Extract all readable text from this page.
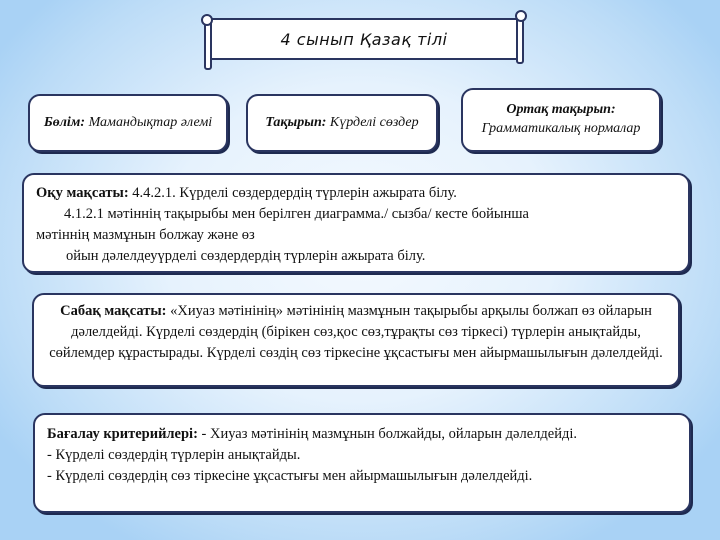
4 сынып Қазақ тілі
Бөлім: Мамандықтар әлемі	Тақырып: Күрделі сөздер
Ортақ тақырып:
Грамматикалық нормалар
Оқу мақсаты: 4.4.2.1. Күрделі сөздердердің түрлерін ажырата білу.
4.1.2.1 мәтіннің тақырыбы мен берілген диаграмма./ сызба/ кесте бойынша
мәтіннің мазмұнын болжау және өз
ойын дәлелдеуүрделі сөздердердің түрлерін ажырата білу.
Сабақ мақсаты: «Хиуаз мәтінінің» мәтінінің мазмұнын тақырыбы арқылы болжап өз ойларын дәлелдейді. Күрделі сөздердің (бірікен сөз,қос сөз,тұрақты сөз тіркесі) түрлерін анықтайды, сөйлемдер құрастырады. Күрделі сөздің сөз тіркесіне ұқсастығы мен айырмашылығын дәлелдейді.
Бағалау критерийлері: - Хиуаз мәтінінің мазмұнын болжайды, ойларын дәлелдейді.
- Күрделі сөздердің түрлерін анықтайды.
- Күрделі сөздердің сөз тіркесіне ұқсастығы мен айырмашылығын дәлелдейді.
